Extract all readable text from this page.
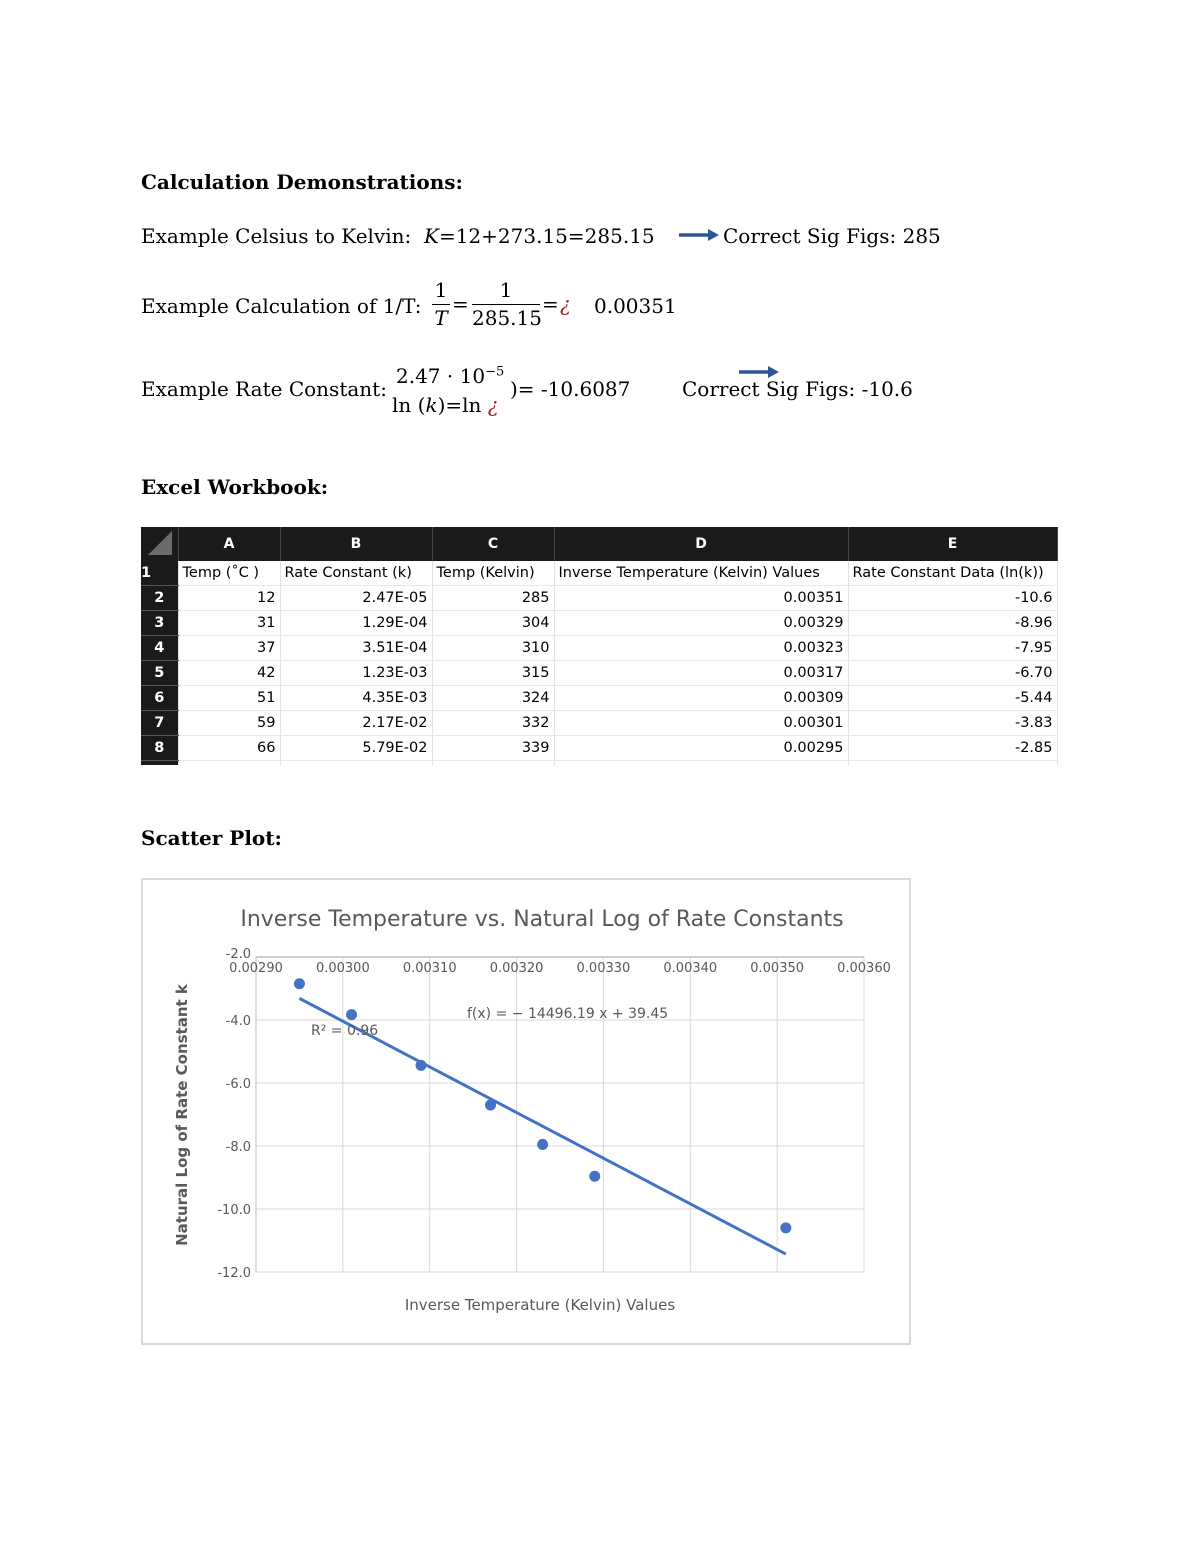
Calculation Demonstrations:
Example Celsius to Kelvin: K=12+273.15=285.15	Correct Sig Figs: 285
Example Calculation of 1/T:
1
T
=
1
285.15
= ¿ 0.00351
Example Rate Constant:
$2.47 \cdot 10^{-5}$
ln (k)=ln ¿
)= -10.6087	Correct Sig Figs: -10.6
Excel Workbook:
	A	B	C	D	E
1	Temp (˚C )	Rate Constant (k)	Temp (Kelvin)	Inverse Temperature (Kelvin) Values	Rate Constant Data (ln(k))
2	12	2.47E-05	285	0.00351	-10.6
3	31	1.29E-04	304	0.00329	-8.96
4	37	3.51E-04	310	0.00323	-7.95
5	42	1.23E-03	315	0.00317	-6.70
6	51	4.35E-03	324	0.00309	-5.44
7	59	2.17E-02	332	0.00301	-3.83
8	66	5.79E-02	339	0.00295	-2.85

Scatter Plot:
Inverse Temperature vs. Natural Log of Rate Constants
0.00290	0.00300	0.00310	0.00320	0.00330	0.00340	0.00350	0.00360
-2.0
-4.0
-6.0
-8.0
-10.0
-12.0
f(x) = − 14496.19 x + 39.45
R² = 0.96
Inverse Temperature (Kelvin) Values
Natural Log of Rate Constant k
